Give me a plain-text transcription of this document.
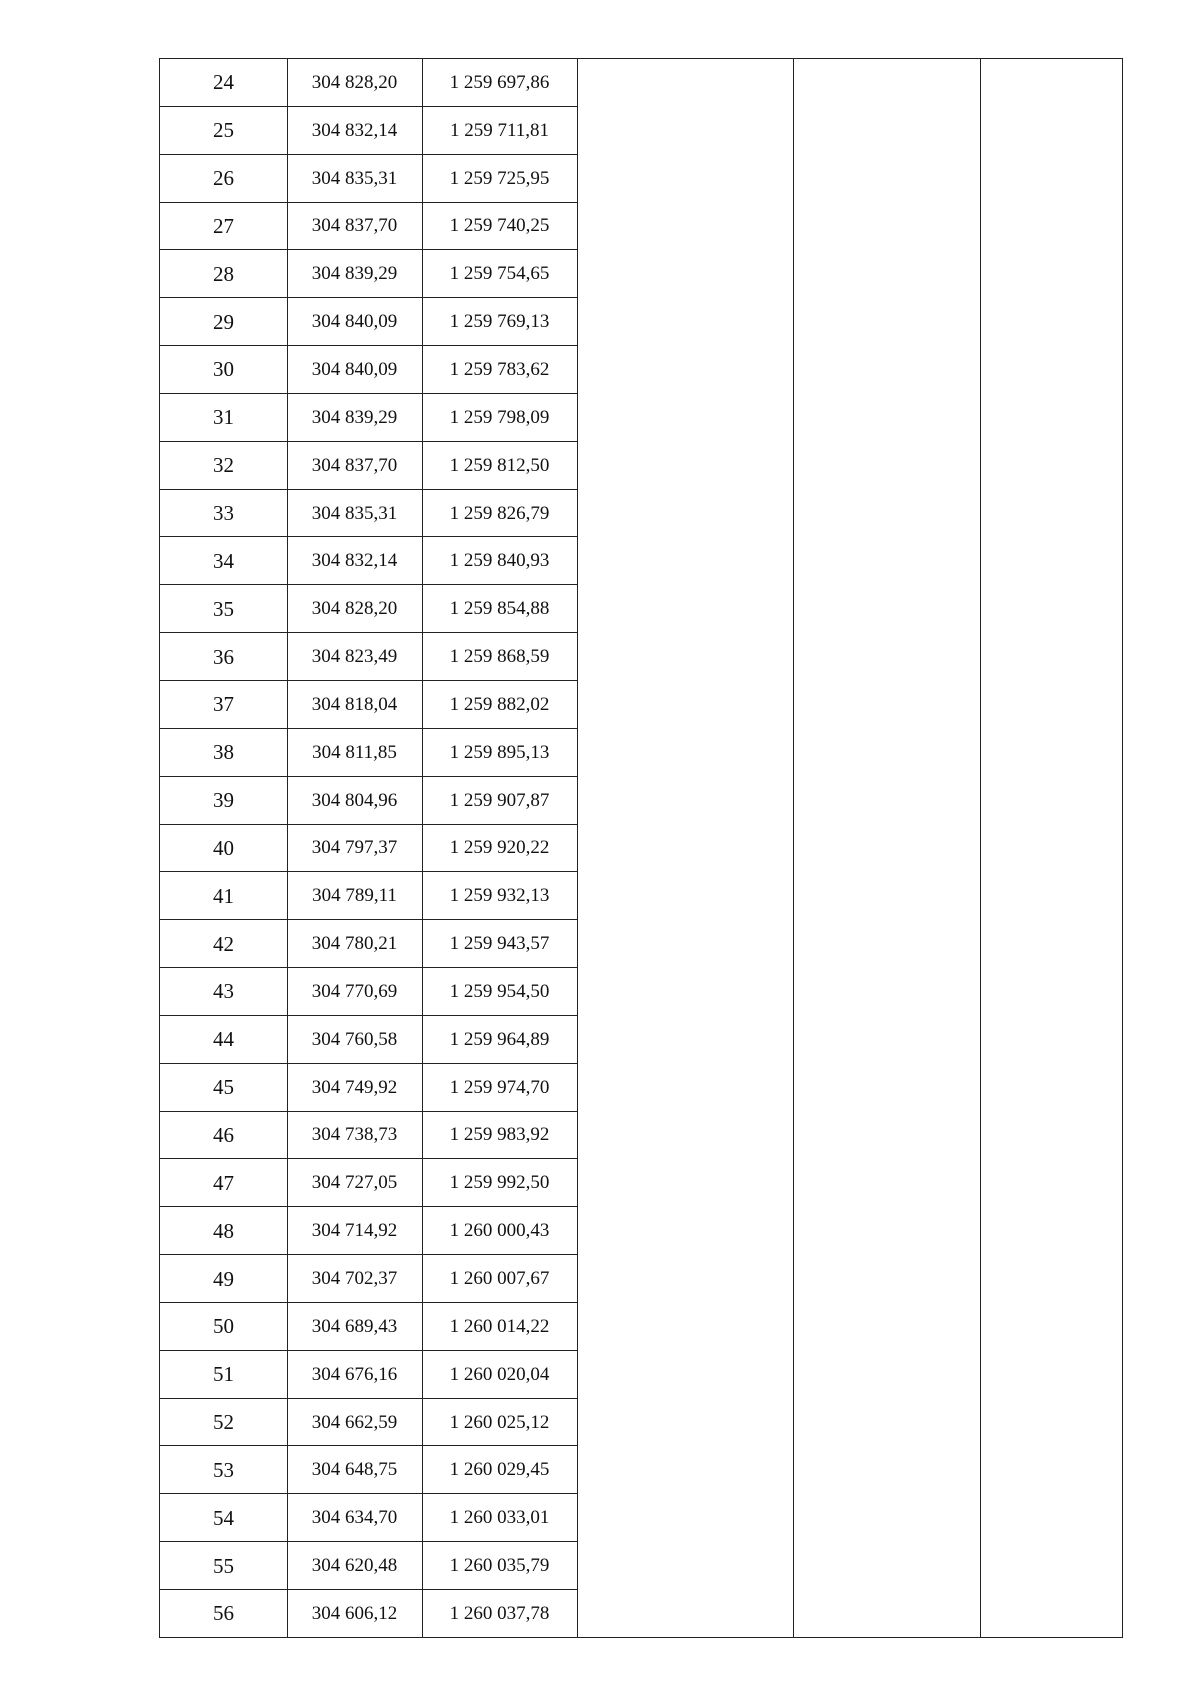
24	304 828,20	1 259 697,86
25	304 832,14	1 259 711,81
26	304 835,31	1 259 725,95
27	304 837,70	1 259 740,25
28	304 839,29	1 259 754,65
29	304 840,09	1 259 769,13
30	304 840,09	1 259 783,62
31	304 839,29	1 259 798,09
32	304 837,70	1 259 812,50
33	304 835,31	1 259 826,79
34	304 832,14	1 259 840,93
35	304 828,20	1 259 854,88
36	304 823,49	1 259 868,59
37	304 818,04	1 259 882,02
38	304 811,85	1 259 895,13
39	304 804,96	1 259 907,87
40	304 797,37	1 259 920,22
41	304 789,11	1 259 932,13
42	304 780,21	1 259 943,57
43	304 770,69	1 259 954,50
44	304 760,58	1 259 964,89
45	304 749,92	1 259 974,70
46	304 738,73	1 259 983,92
47	304 727,05	1 259 992,50
48	304 714,92	1 260 000,43
49	304 702,37	1 260 007,67
50	304 689,43	1 260 014,22
51	304 676,16	1 260 020,04
52	304 662,59	1 260 025,12
53	304 648,75	1 260 029,45
54	304 634,70	1 260 033,01
55	304 620,48	1 260 035,79
56	304 606,12	1 260 037,78
